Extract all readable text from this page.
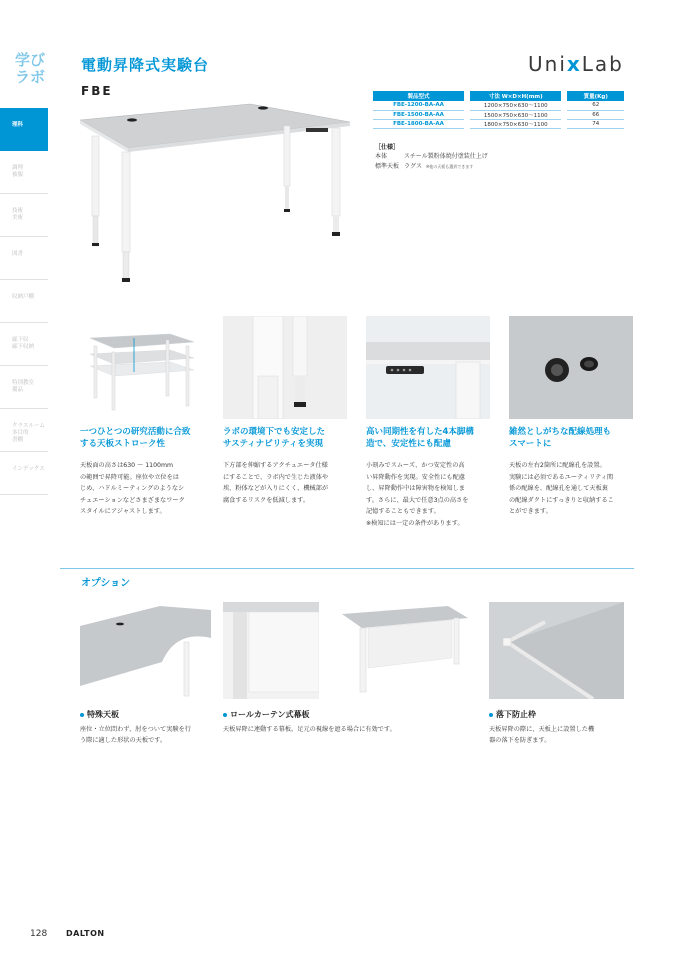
学び
ラボ
理科
調理
被服
技術
美術
図書
収納戸棚
廊下収
廊下収納
特別教室
備品
クラスルーム
多目的
書棚
インデックス
電動昇降式実験台
FBE
UnixLab
製品型式		寸法 W×D×H(mm)		質量(Kg)
FBE-1200-BA-AA		1200×750×630〜1100		62
FBE-1500-BA-AA		1500×750×630〜1100		66
FBE-1800-BA-AA		1800×750×630〜1100		74
［仕様］
本体	スチール製粉体焼付塗装仕上げ
標準天板 ラグス ※他の天板も選択できます
一つひとつの研究活動に合致
する天板ストローク性
天板面の高さは630 〜 1100mm
の範囲で昇降可能。座位や立位をは
じめ、ハドルミーティングのようなシ
チュエーションなどさまざまなワーク
スタイルにアジャストします。
ラボの環境下でも安定した
サスティナビリティを実現
下方部を伸縮するアクチュエータ仕様
にすることで、ラボ内で生じた液体や
埃、粉体などが入りにくく、機械部が
腐食するリスクを低減します。
高い同期性を有した4本脚構
造で、安定性にも配慮
小刻みでスムーズ、かつ安定性の高
い昇降動作を実現。安全性にも配慮
し、昇降動作中は障害物を検知しま
す。さらに、最大で任意3点の高さを
記憶することもできます。
※検知には一定の条件があります。
雑然としがちな配線処理も
スマートに
天板の左右2箇所に配線孔を設置。
実験には必須であるユーティリティ関
係の配線を、配線孔を通して天板裏
の配線ダクトにすっきりと収納するこ
とができます。
オプション
特殊天板
座位・立位問わず、肘をついて実験を行
う際に適した形状の天板です。
ロールカーテン式幕板
天板昇降に連動する幕板。足元の視線を遮る場合に有効です。
落下防止枠
天板昇降の際に、天板上に設置した機
器の落下を防ぎます。
128 DALTON
